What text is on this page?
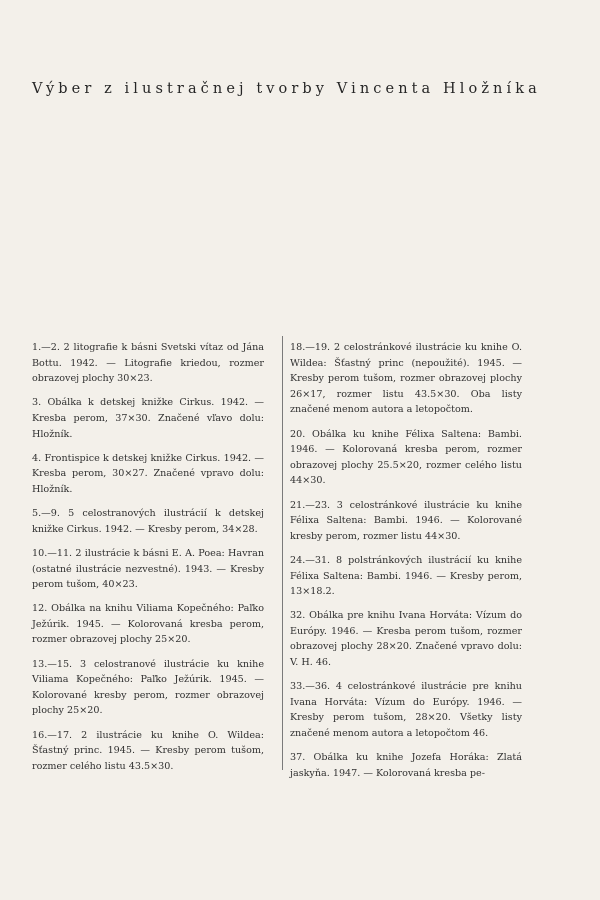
Výber z ilustračnej tvorby Vincenta Hložníka

1.—2. 2 litografie k básni Svetski vítaz od Jána Bottu. 1942. — Litografie kriedou, rozmer obrazovej plochy 30×23.

3. Obálka k detskej knižke Cirkus. 1942. — Kresba perom, 37×30. Značené vľavo dolu: Hložník.

4. Frontispice k detskej knižke Cirkus. 1942. — Kresba perom, 30×27. Značené vpravo dolu: Hložník.

5.—9. 5 celostranových ilustrácií k detskej knižke Cirkus. 1942. — Kresby perom, 34×28.

10.—11. 2 ilustrácie k básni E. A. Poea: Havran (ostatné ilustrácie nezvestné). 1943. — Kresby perom tušom, 40×23.

12. Obálka na knihu Viliama Kopečného: Paľko Ježúrik. 1945. — Kolorovaná kresba perom, rozmer obrazovej plochy 25×20.

13.—15. 3 celostranové ilustrácie ku knihe Viliama Kopečného: Paľko Ježúrik. 1945. — Kolorované kresby perom, rozmer obrazovej plochy 25×20.

16.—17. 2 ilustrácie ku knihe O. Wildea: Šťastný princ. 1945. — Kresby perom tušom, rozmer celého listu 43.5×30.

18.—19. 2 celostránkové ilustrácie ku knihe O. Wildea: Šťastný princ (nepoužité). 1945. — Kresby perom tušom, rozmer obrazovej plochy 26×17, rozmer listu 43.5×30. Oba listy značené menom autora a letopočtom.

20. Obálka ku knihe Félixa Saltena: Bambi. 1946. — Kolorovaná kresba perom, rozmer obrazovej plochy 25.5×20, rozmer celého listu 44×30.

21.—23. 3 celostránkové ilustrácie ku knihe Félixa Saltena: Bambi. 1946. — Kolorované kresby perom, rozmer listu 44×30.

24.—31. 8 polstránkových ilustrácií ku knihe Félixa Saltena: Bambi. 1946. — Kresby perom, 13×18.2.

32. Obálka pre knihu Ivana Horváta: Vízum do Európy. 1946. — Kresba perom tušom, rozmer obrazovej plochy 28×20. Značené vpravo dolu: V. H. 46.

33.—36. 4 celostránkové ilustrácie pre knihu Ivana Horváta: Vízum do Európy. 1946. — Kresby perom tušom, 28×20. Všetky listy značené menom autora a letopočtom 46.

37. Obálka ku knihe Jozefa Horáka: Zlatá jaskyňa. 1947. — Kolorovaná kresba pe-
